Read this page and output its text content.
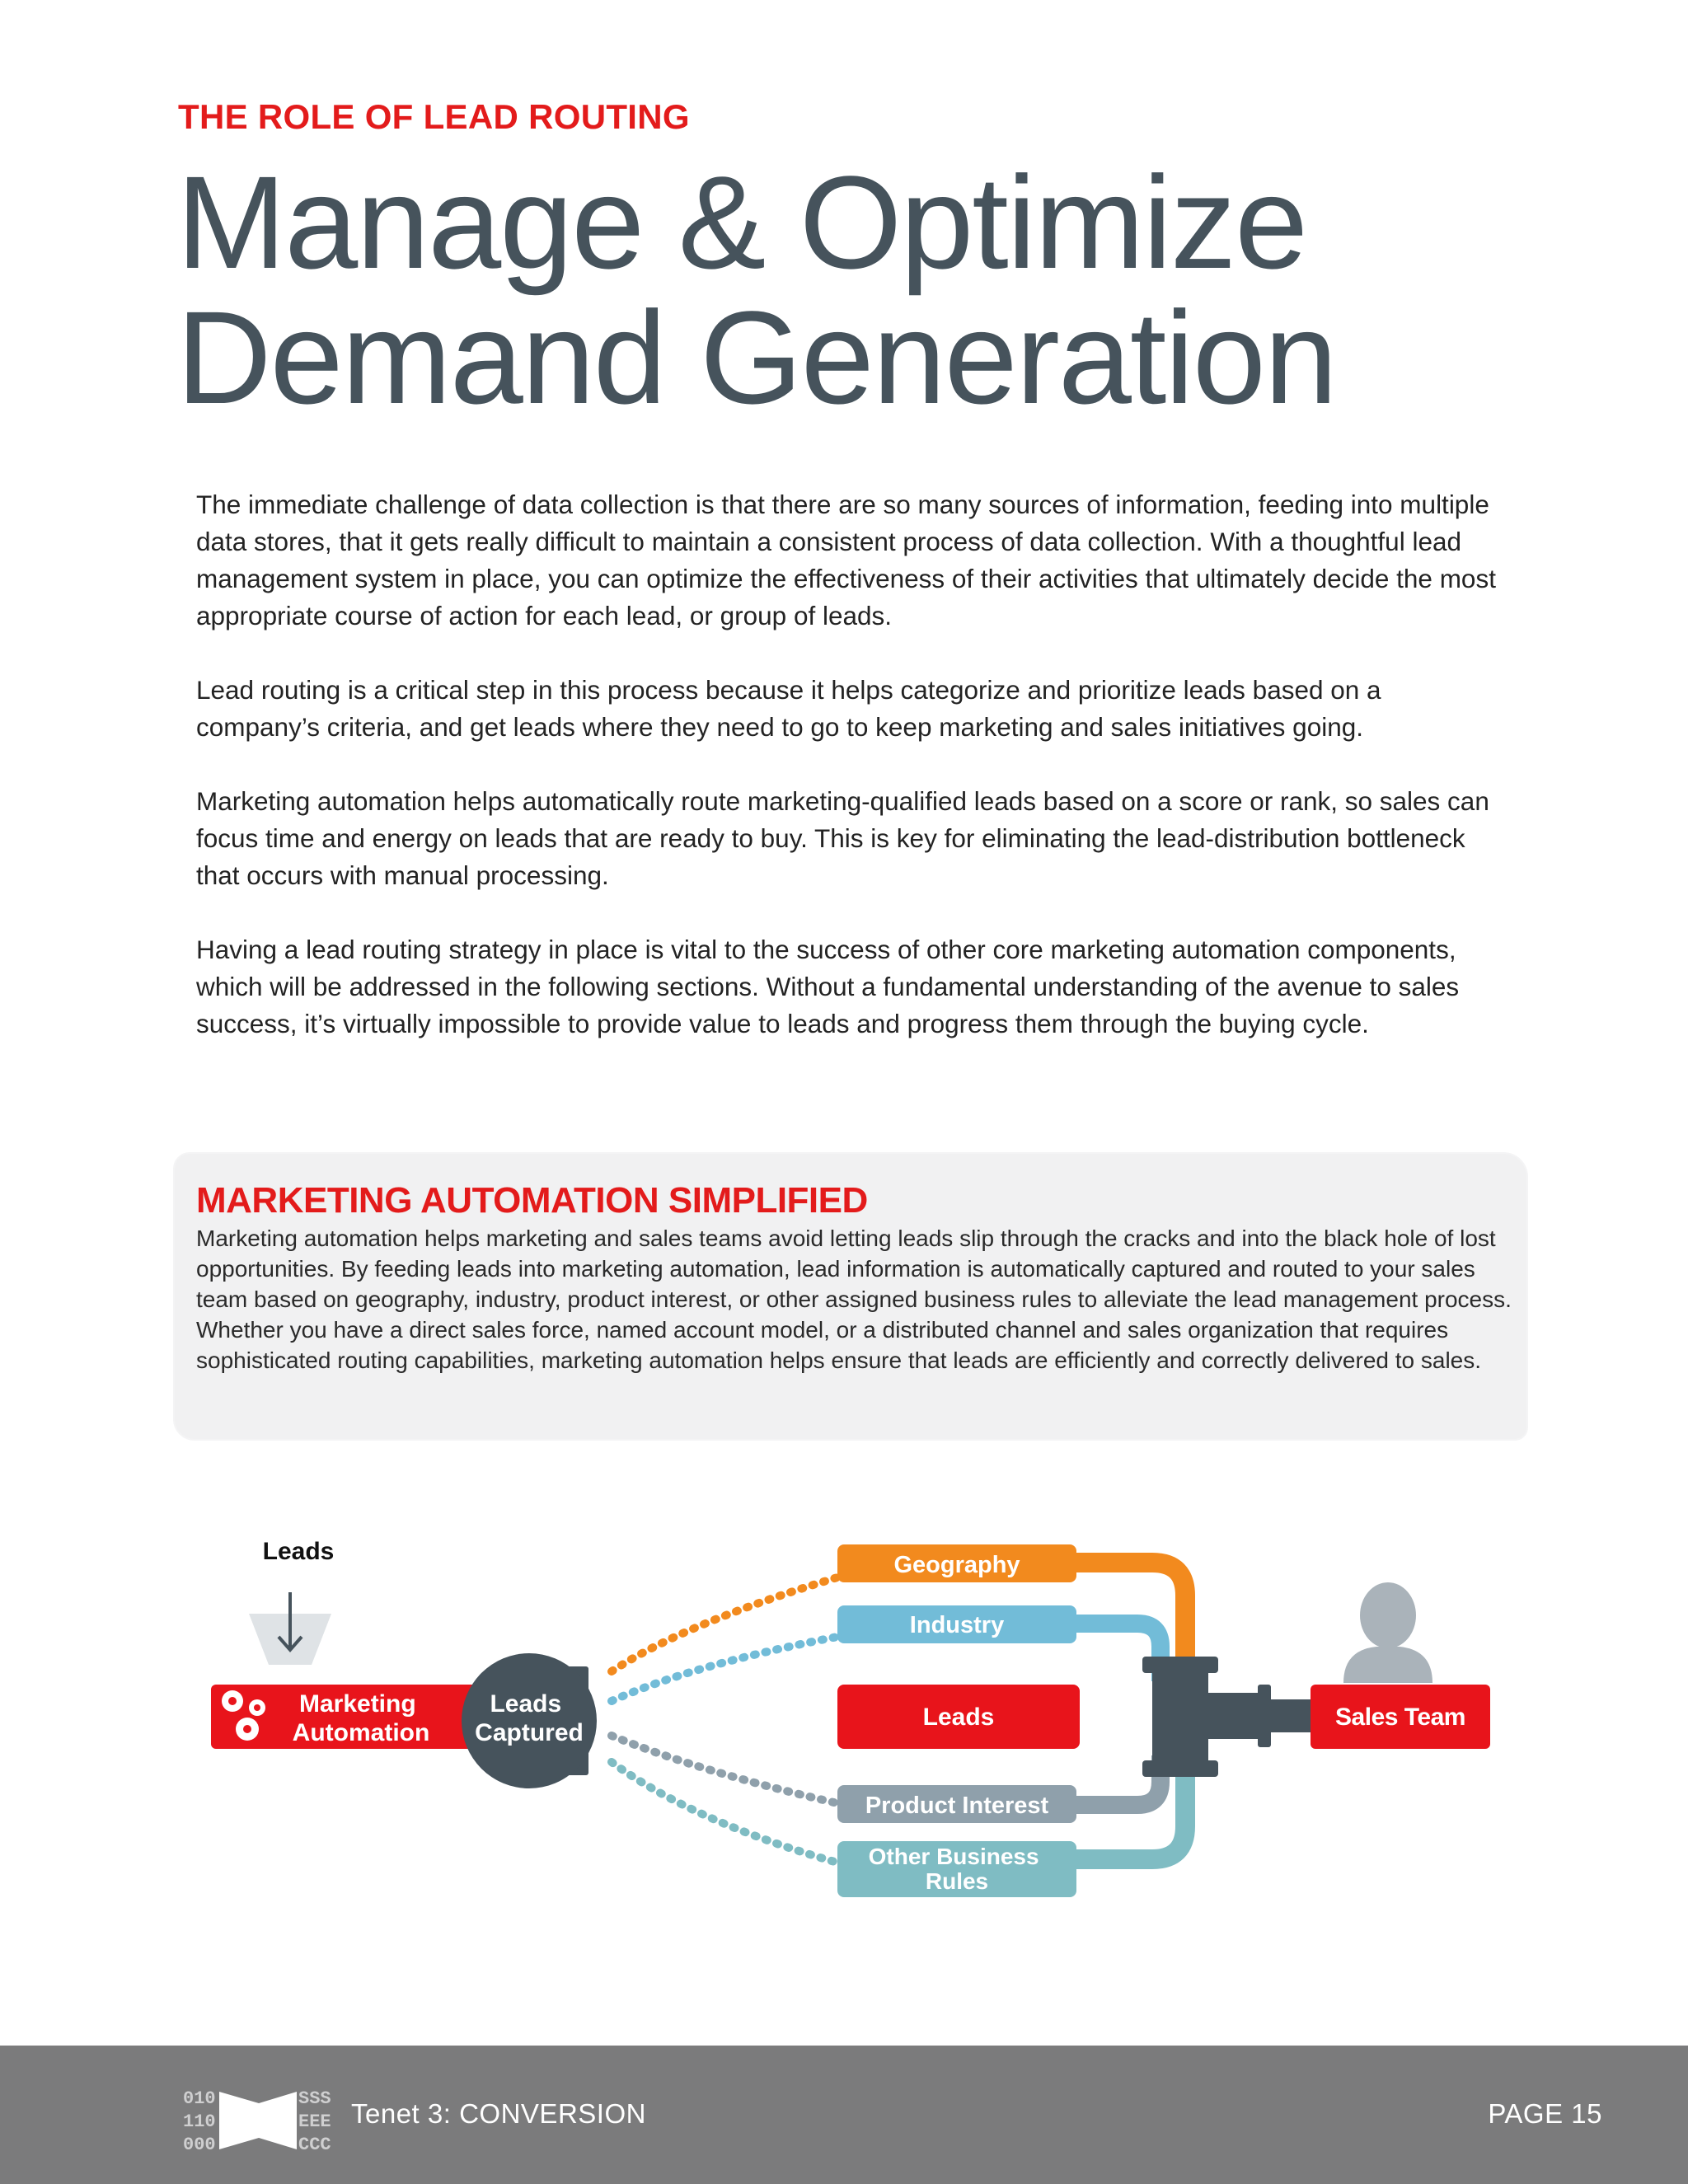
THE ROLE OF LEAD ROUTING

Manage & Optimize
Demand Generation

The immediate challenge of data collection is that there are so many sources of information, feeding into multiple data stores, that it gets really difficult to maintain a consistent process of data collection. With a thoughtful lead management system in place, you can optimize the effectiveness of their activities that ultimately decide the most appropriate course of action for each lead, or group of leads.

Lead routing is a critical step in this process because it helps categorize and prioritize leads based on a company’s criteria, and get leads where they need to go to keep marketing and sales initiatives going.

Marketing automation helps automatically route marketing-qualified leads based on a score or rank, so sales can focus time and energy on leads that are ready to buy. This is key for eliminating the lead-distribution bottleneck that occurs with manual processing.

Having a lead routing strategy in place is vital to the success of other core marketing automation components, which will be addressed in the following sections. Without a fundamental understanding of the avenue to sales success, it’s virtually impossible to provide value to leads and progress them through the buying cycle.

MARKETING AUTOMATION SIMPLIFIED

Marketing automation helps marketing and sales teams avoid letting leads slip through the cracks and into the black hole of lost opportunities. By feeding leads into marketing automation, lead information is automatically captured and routed to your sales team based on geography, industry, product interest, or other assigned business rules to alleviate the lead management process. Whether you have a direct sales force, named account model, or a distributed channel and sales organization that requires sophisticated routing capabilities, marketing automation helps ensure that leads are efficiently and correctly delivered to sales.

Leads
Marketing Automation
Leads Captured
Geography
Industry
Leads
Product Interest
Other Business Rules
Sales Team
010
110
000
SSS
EEE
CCC
Tenet 3: CONVERSION	PAGE 15
